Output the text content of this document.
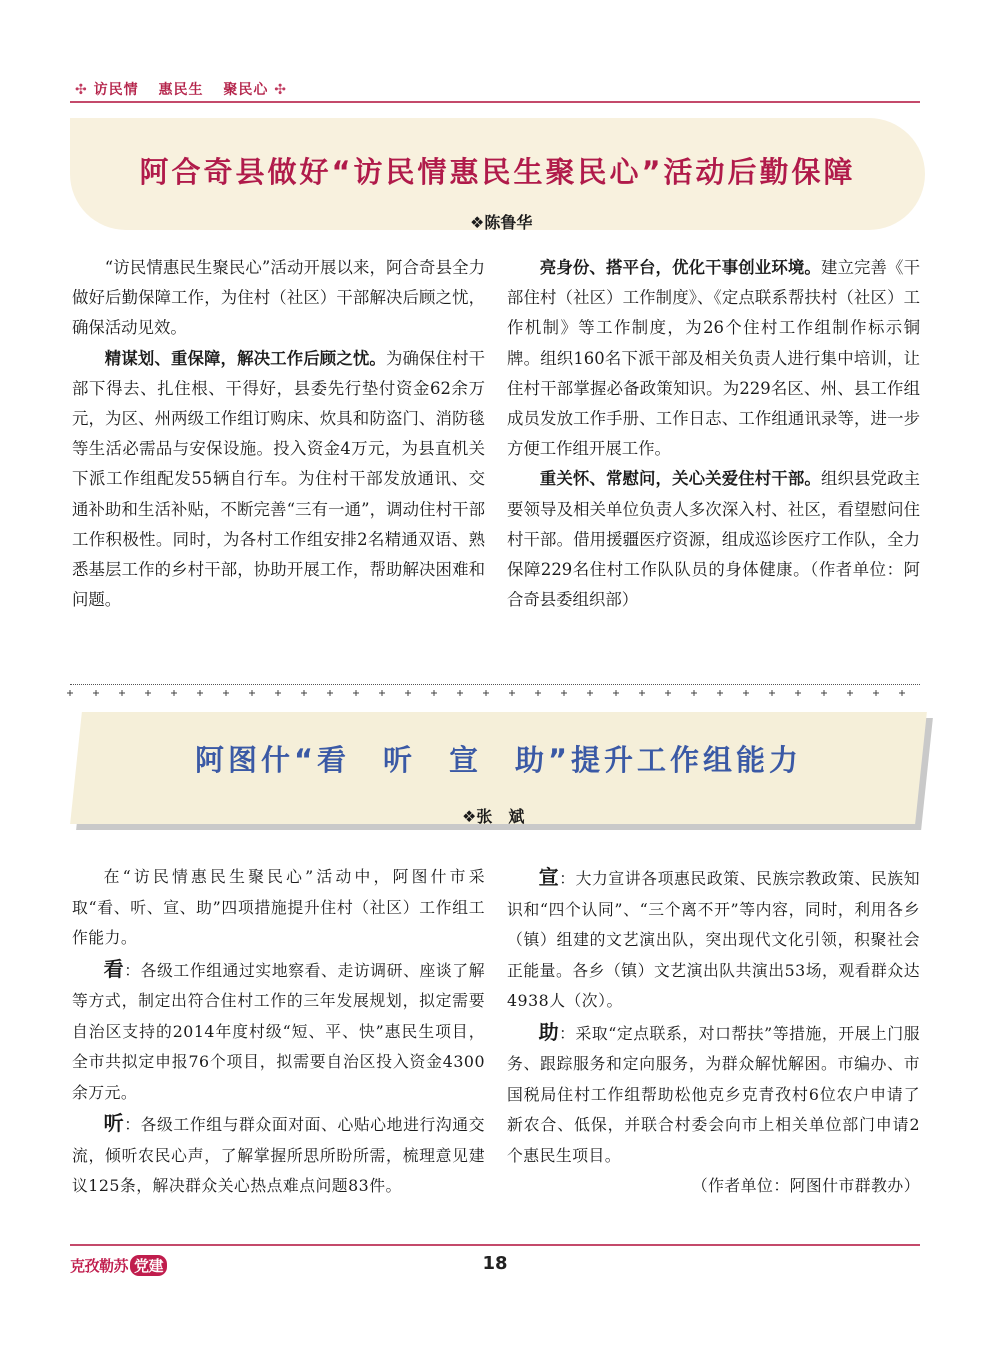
✣ 访民情 惠民生 聚民心 ✣
阿合奇县做好“访民情惠民生聚民心”活动后勤保障
❖陈鲁华

“访民情惠民生聚民心”活动开展以来，阿合奇县全力做好后勤保障工作，为住村（社区）干部解决后顾之忧，确保活动见效。

精谋划、重保障，解决工作后顾之忧。为确保住村干部下得去、扎住根、干得好，县委先行垫付资金62余万元，为区、州两级工作组订购床、炊具和防盗门、消防毯等生活必需品与安保设施。投入资金4万元，为县直机关下派工作组配发55辆自行车。为住村干部发放通讯、交通补助和生活补贴，不断完善“三有一通”，调动住村干部工作积极性。同时，为各村工作组安排2名精通双语、熟悉基层工作的乡村干部，协助开展工作，帮助解决困难和问题。

亮身份、搭平台，优化干事创业环境。建立完善《干部住村（社区）工作制度》、《定点联系帮扶村（社区）工作机制》等工作制度，为26个住村工作组制作标示铜牌。组织160名下派干部及相关负责人进行集中培训，让住村干部掌握必备政策知识。为229名区、州、县工作组成员发放工作手册、工作日志、工作组通讯录等，进一步方便工作组开展工作。

重关怀、常慰问，关心关爱住村干部。组织县党政主要领导及相关单位负责人多次深入村、社区，看望慰问住村干部。借用援疆医疗资源，组成巡诊医疗工作队，全力保障229名住村工作队队员的身体健康。（作者单位：阿合奇县委组织部）

阿图什“看　听　宣　助”提升工作组能力
❖张　斌

在“访民情惠民生聚民心”活动中，阿图什市采取“看、听、宣、助”四项措施提升住村（社区）工作组工作能力。

看：各级工作组通过实地察看、走访调研、座谈了解等方式，制定出符合住村工作的三年发展规划，拟定需要自治区支持的2014年度村级“短、平、快”惠民生项目，全市共拟定申报76个项目，拟需要自治区投入资金4300余万元。

听：各级工作组与群众面对面、心贴心地进行沟通交流，倾听农民心声，了解掌握所思所盼所需，梳理意见建议125条，解决群众关心热点难点问题83件。

宣：大力宣讲各项惠民政策、民族宗教政策、民族知识和“四个认同”、“三个离不开”等内容，同时，利用各乡（镇）组建的文艺演出队，突出现代文化引领，积聚社会正能量。各乡（镇）文艺演出队共演出53场，观看群众达4938人（次）。

助：采取“定点联系，对口帮扶”等措施，开展上门服务、跟踪服务和定向服务，为群众解忧解困。市编办、市国税局住村工作组帮助松他克乡克青孜村6位农户申请了新农合、低保，并联合村委会向市上相关单位部门申请2个惠民生项目。

（作者单位：阿图什市群教办）
克孜勒苏 党建	18
